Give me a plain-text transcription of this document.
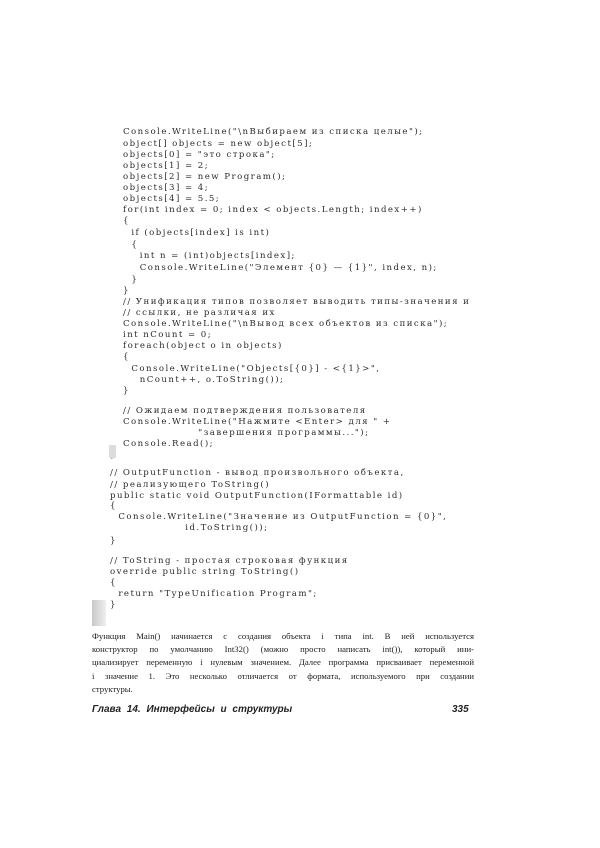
Console.WriteLine("\nВыбираем из списка целые");

object[] objects = new object[5];

objects[0] = "это строка";

objects[1] = 2;

objects[2] = new Program();

objects[3] = 4;

objects[4] = 5.5;

for(int index = 0; index < objects.Length; index++)

{

if (objects[index] is int)

{

int n = (int)objects[index];

Console.WriteLine("Элемент {0} — {1}", index, n);

}

}

// Унификация типов позволяет выводить типы-значения и

// ссылки, не различая их

Console.WriteLine("\nВывод всех объектов из списка");

int nCount = 0;

foreach(object o in objects)

{

Console.WriteLine("Objects[{0}] - <{1}>",

nCount++, o.ToString());

}

// Ожидаем подтверждения пользователя

Console.WriteLine("Нажмите <Enter> для " +

"завершения программы...");

Console.Read();

// OutputFunction - вывод произвольного объекта,

// реализующего ToString()

public static void OutputFunction(IFormattable id)

{

Console.WriteLine("Значение из OutputFunction = {0}",

id.ToString());

}

// ToString - простая строковая функция

override public string ToString()

{

return "TypeUnification Program";

}

Функция Main() начинается с создания объекта i типа int. В ней используется
конструктор по умолчанию Int32() (можно просто написать int()), который ини-
циализирует переменную i нулевым значением. Далее программа присваивает переменной
i значение 1. Это несколько отличается от формата, используемого при создании
структуры.
Глава 14. Интерфейсы и структуры	335
